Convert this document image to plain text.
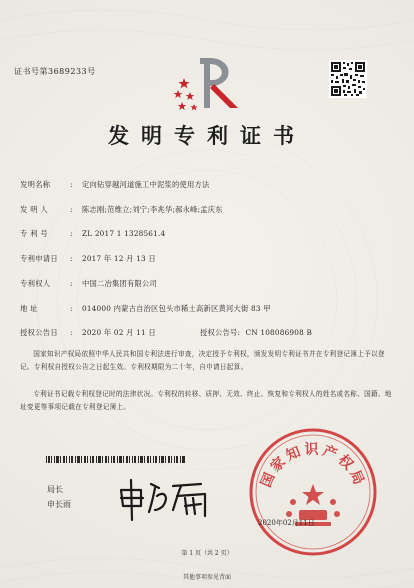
证书号第3689233号
发明专利证书
发明名称	:	定向钻穿越河道施工中泥浆的使用方法
发 明 人	:	陈志刚;范维立;刘宁;李兆华;郝永峰;孟庆东
专 利 号	:	ZL 2017 1 1328561.4
专利申请日	:	2017 年 12 月 13 日
专利权人	:	中国二冶集团有限公司
地 址	:	014000 内蒙古自治区包头市稀土高新区黄河大街 83 甲
授权公告日	:	2020 年 02 月 11 日	授权公告号 : CN 108086908 B
国家知识产权局依照中华人民共和国专利法进行审查，决定授予专利权，颁发发明专利证书并在专利登记簿上予以登记。专利权自授权公告之日起生效。专利权期限为二十年，自申请日起算。
专利证书记载专利权登记时的法律状况。专利权的转移、质押、无效、终止、恢复和专利权人的姓名或名称、国籍、地址变更等事项记载在专利登记簿上。
局长
申长雨
国家知识产权局
2020年02月11日
第 1 页（共 2 页）
其他事项参见背面
